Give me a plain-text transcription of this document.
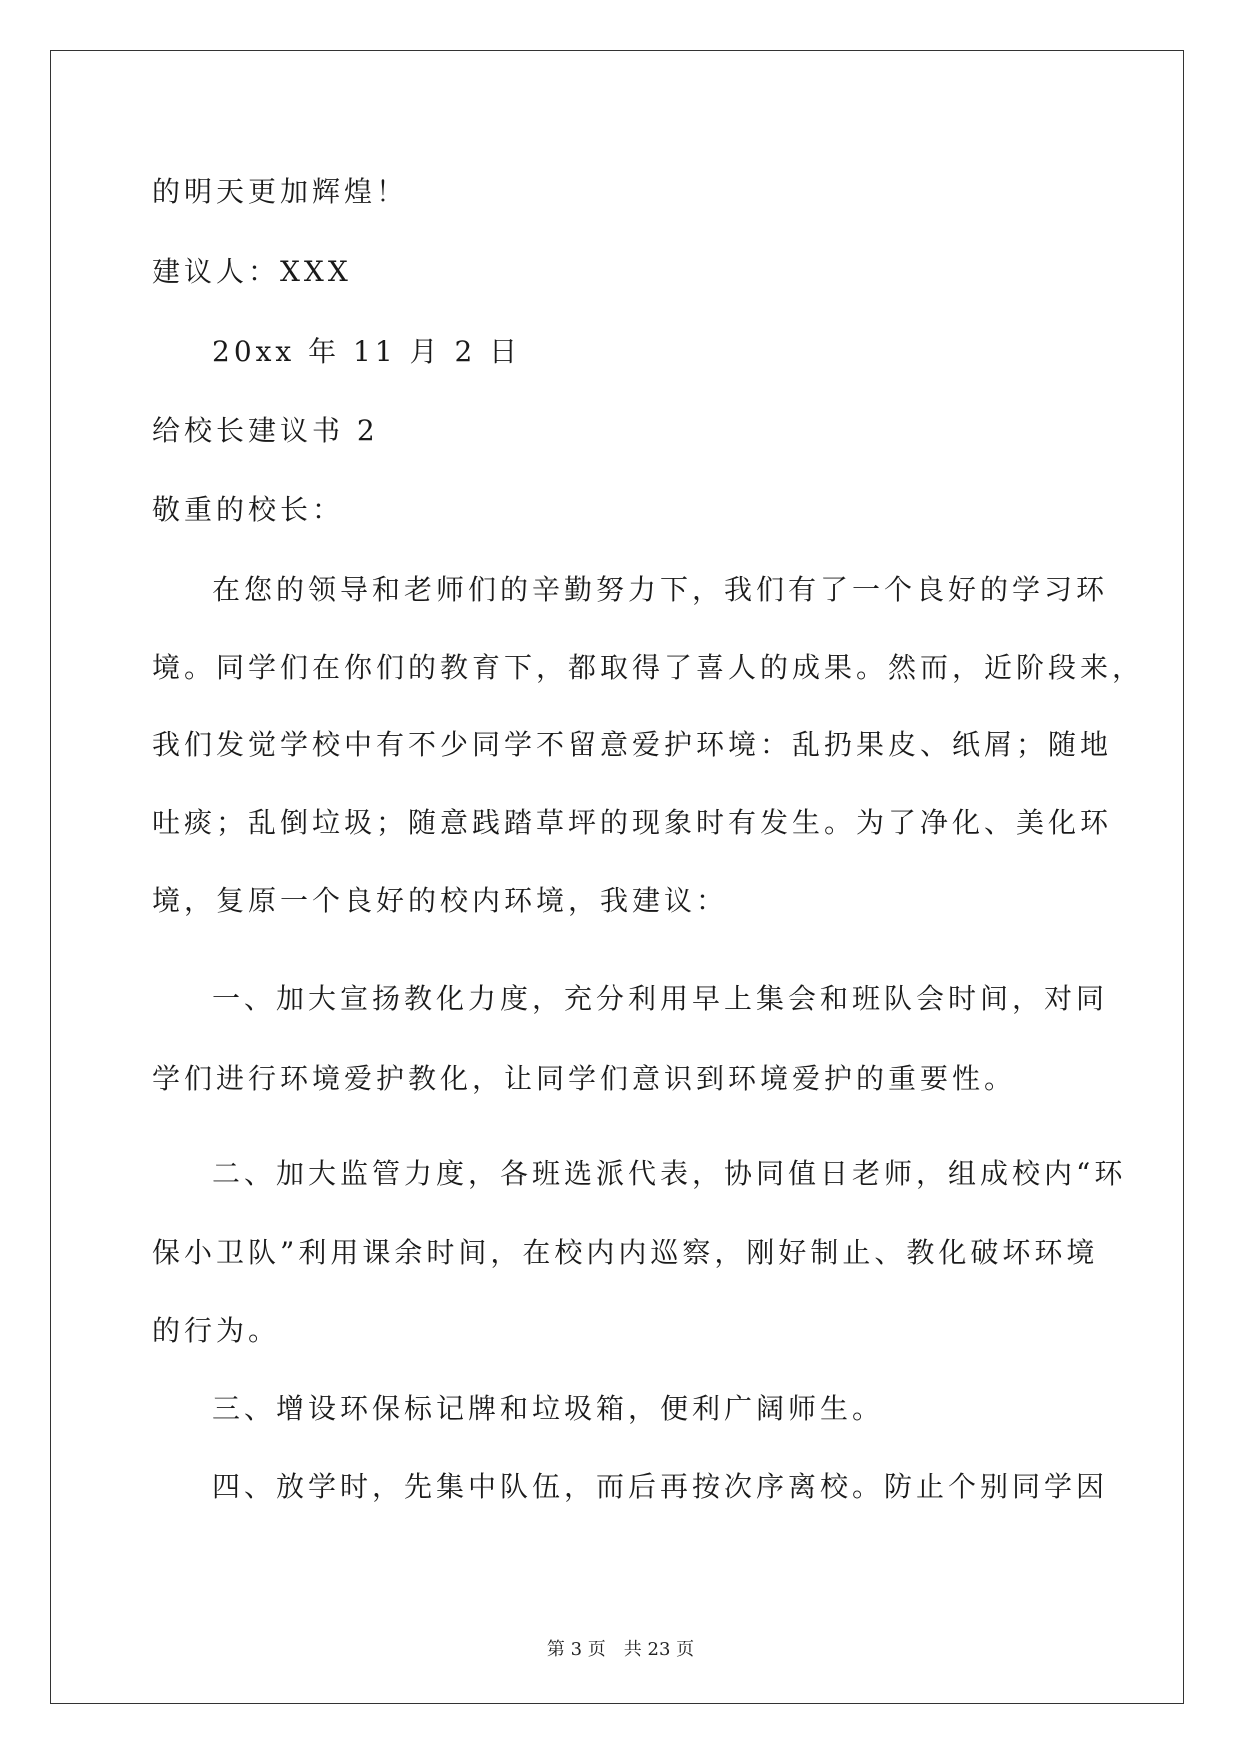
的明天更加辉煌！
建议人：XXX
20xx 年 11 月 2 日
给校长建议书 2
敬重的校长：
在您的领导和老师们的辛勤努力下，我们有了一个良好的学习环
境。同学们在你们的教育下，都取得了喜人的成果。然而，近阶段来，
我们发觉学校中有不少同学不留意爱护环境：乱扔果皮、纸屑；随地
吐痰；乱倒垃圾；随意践踏草坪的现象时有发生。为了净化、美化环
境，复原一个良好的校内环境，我建议：
一、加大宣扬教化力度，充分利用早上集会和班队会时间，对同
学们进行环境爱护教化，让同学们意识到环境爱护的重要性。
二、加大监管力度，各班选派代表，协同值日老师，组成校内“环
保小卫队”利用课余时间，在校内内巡察，刚好制止、教化破坏环境
的行为。
三、增设环保标记牌和垃圾箱，便利广阔师生。
四、放学时，先集中队伍，而后再按次序离校。防止个别同学因
第 3 页　共 23 页
